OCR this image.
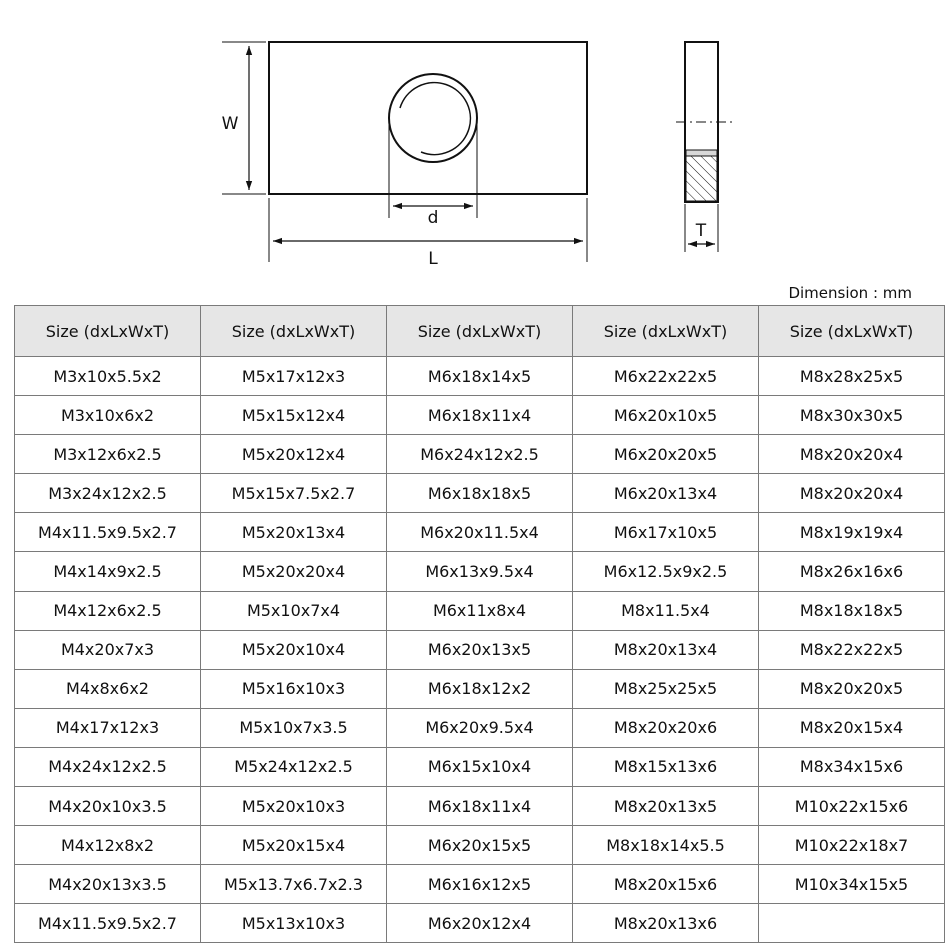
W
d
L
T
Dimension : mm
Size (dxLxWxT)	Size (dxLxWxT)	Size (dxLxWxT)	Size (dxLxWxT)	Size (dxLxWxT)
M3x10x5.5x2	M5x17x12x3	M6x18x14x5	M6x22x22x5	M8x28x25x5
M3x10x6x2	M5x15x12x4	M6x18x11x4	M6x20x10x5	M8x30x30x5
M3x12x6x2.5	M5x20x12x4	M6x24x12x2.5	M6x20x20x5	M8x20x20x4
M3x24x12x2.5	M5x15x7.5x2.7	M6x18x18x5	M6x20x13x4	M8x20x20x4
M4x11.5x9.5x2.7	M5x20x13x4	M6x20x11.5x4	M6x17x10x5	M8x19x19x4
M4x14x9x2.5	M5x20x20x4	M6x13x9.5x4	M6x12.5x9x2.5	M8x26x16x6
M4x12x6x2.5	M5x10x7x4	M6x11x8x4	M8x11.5x4	M8x18x18x5
M4x20x7x3	M5x20x10x4	M6x20x13x5	M8x20x13x4	M8x22x22x5
M4x8x6x2	M5x16x10x3	M6x18x12x2	M8x25x25x5	M8x20x20x5
M4x17x12x3	M5x10x7x3.5	M6x20x9.5x4	M8x20x20x6	M8x20x15x4
M4x24x12x2.5	M5x24x12x2.5	M6x15x10x4	M8x15x13x6	M8x34x15x6
M4x20x10x3.5	M5x20x10x3	M6x18x11x4	M8x20x13x5	M10x22x15x6
M4x12x8x2	M5x20x15x4	M6x20x15x5	M8x18x14x5.5	M10x22x18x7
M4x20x13x3.5	M5x13.7x6.7x2.3	M6x16x12x5	M8x20x15x6	M10x34x15x5
M4x11.5x9.5x2.7	M5x13x10x3	M6x20x12x4	M8x20x13x6	
